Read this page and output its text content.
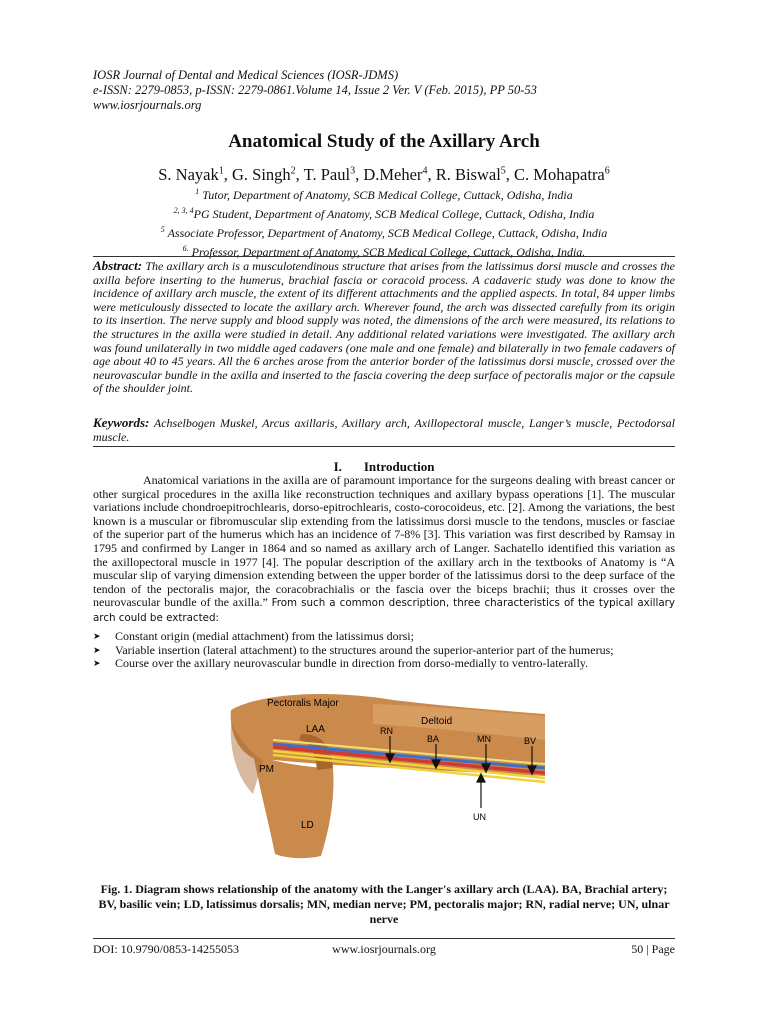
IOSR Journal of Dental and Medical Sciences (IOSR-JDMS)
e-ISSN: 2279-0853, p-ISSN: 2279-0861.Volume 14, Issue 2 Ver. V (Feb. 2015), PP 50-53
www.iosrjournals.org
Anatomical Study of the Axillary Arch
S. Nayak$^1$, G. Singh$^2$, T. Paul$^3$, D.Meher$^4$, R. Biswal$^5$, C. Mohapatra$^6$
$^1$ Tutor, Department of Anatomy, SCB Medical College, Cuttack, Odisha, India
$^{2, 3, 4}$PG Student, Department of Anatomy, SCB Medical College, Cuttack, Odisha, India
$^5$ Associate Professor, Department of Anatomy, SCB Medical College, Cuttack, Odisha, India
$^{6.}$ Professor, Department of Anatomy, SCB Medical College, Cuttack, Odisha, India.
Abstract: The axillary arch is a musculotendinous structure that arises from the latissimus dorsi muscle and crosses the axilla before inserting to the humerus, brachial fascia or coracoid process. A cadaveric study was done to know the incidence of axillary arch muscle, the extent of its different attachments and the applied aspects. In total, 84 upper limbs were meticulously dissected to locate the axillary arch. Wherever found, the arch was dissected carefully from its origin to its insertion. The nerve supply and blood supply was noted, the dimensions of the arch were measured, its relations to the structures in the axilla were studied in detail. Any additional related variations were investigated. The axillary arch was found unilaterally in two middle aged cadavers (one male and one female) and bilaterally in two female cadavers of age about 40 to 45 years. All the 6 arches arose from the anterior border of the latissimus dorsi muscle, crossed over the neurovascular bundle in the axilla and inserted to the fascia covering the deep surface of pectoralis major or the capsule of the shoulder joint.
Keywords: Achselbogen Muskel, Arcus axillaris, Axillary arch, Axillopectoral muscle, Langer’s muscle, Pectodorsal muscle.
I. Introduction

Anatomical variations in the axilla are of paramount importance for the surgeons dealing with breast cancer or other surgical procedures in the axilla like reconstruction techniques and axillary bypass operations [1]. The muscular variations include chondroepitrochlearis, dorso-epitrochlearis, costo-corocoideus, etc. [2]. Among the variations, the best known is a muscular or fibromuscular slip extending from the latissimus dorsi muscle to the tendons, muscles or fasciae of the superior part of the humerus which has an incidence of 7-8% [3]. This variation was first described by Ramsay in 1795 and confirmed by Langer in 1864 and so named as axillary arch of Langer. Sachatello identified this variation as the axillopectoral muscle in 1977 [4]. The popular description of the axillary arch in the textbooks of Anatomy is “A muscular slip of varying dimension extending between the upper border of the latissimus dorsi to the deep surface of the tendon of the pectoralis major, the coracobrachialis or the fascia over the biceps brachii; thus it crosses over the neurovascular bundle of the axilla.” From such a common description, three characteristics of the typical axillary arch could be extracted:

➤ Constant origin (medial attachment) from the latissimus dorsi;
➤ Variable insertion (lateral attachment) to the structures around the superior-anterior part of the humerus;
➤ Course over the axillary neurovascular bundle in direction from dorso-medially to ventro-laterally.
Pectoralis Major
Deltoid
LAA	RN
BA	MN	BV
PM
LD
UN
Fig. 1. Diagram shows relationship of the anatomy with the Langer's axillary arch (LAA). BA, Brachial artery; BV, basilic vein; LD, latissimus dorsalis; MN, median nerve; PM, pectoralis major; RN, radial nerve; UN, ulnar nerve
DOI: 10.9790/0853-14255053	www.iosrjournals.org	50 | Page
